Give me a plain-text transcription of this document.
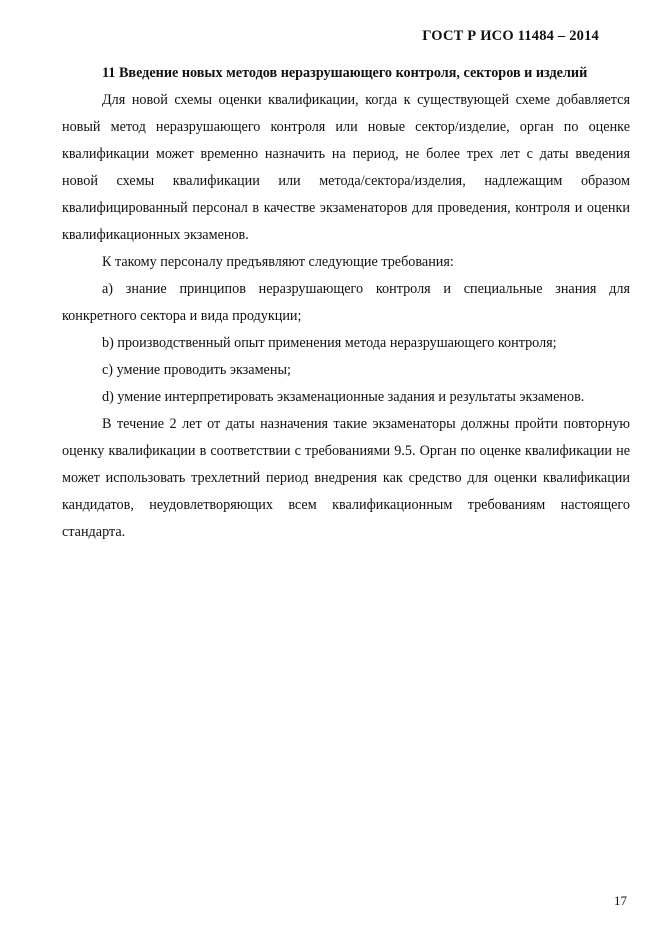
ГОСТ Р ИСО 11484 – 2014

11 Введение новых методов неразрушающего контроля, секторов и изделий

Для новой схемы оценки квалификации, когда к существующей схеме добавляется новый метод неразрушающего контроля или новые сектор/изделие, орган по оценке квалификации может временно назначить на период, не более трех лет с даты введения новой схемы квалификации или метода/сектора/изделия, надлежащим образом квалифицированный персонал в качестве экзаменаторов для проведения, контроля и оценки квалификационных экзаменов.

К такому персоналу предъявляют следующие требования:

a) знание принципов неразрушающего контроля и специальные знания для конкретного сектора и вида продукции;

b) производственный опыт применения метода неразрушающего контроля;

c) умение проводить экзамены;

d) умение интерпретировать экзаменационные задания и результаты экзаменов.

В течение 2 лет от даты назначения такие экзаменаторы должны пройти повторную оценку квалификации в соответствии с требованиями 9.5. Орган по оценке квалификации не может использовать трехлетний период внедрения как средство для оценки квалификации кандидатов, неудовлетворяющих всем квалификационным требованиям настоящего стандарта.

17
